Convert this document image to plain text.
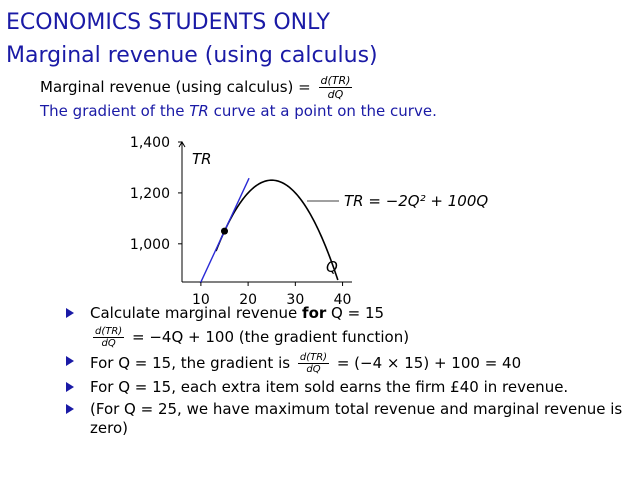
ECONOMICS STUDENTS ONLY
Marginal revenue (using calculus)
Marginal revenue (using calculus) = $\frac{d(TR)}{dQ}$
The gradient of the TR curve at a point on the curve.
1,000
1,200
1,400
10 20 30 40
TR
Q
TR = −2Q² + 100Q
Calculate marginal revenue for Q = 15
$\frac{d(TR)}{dQ} = -4Q + 100$ (the gradient function)
For Q = 15, the gradient is $\frac{d(TR)}{dQ} = (-4 \times 15) + 100 = 40$
For Q = 15, each extra item sold earns the firm £40 in revenue.
(For Q = 25, we have maximum total revenue and marginal revenue is zero)
